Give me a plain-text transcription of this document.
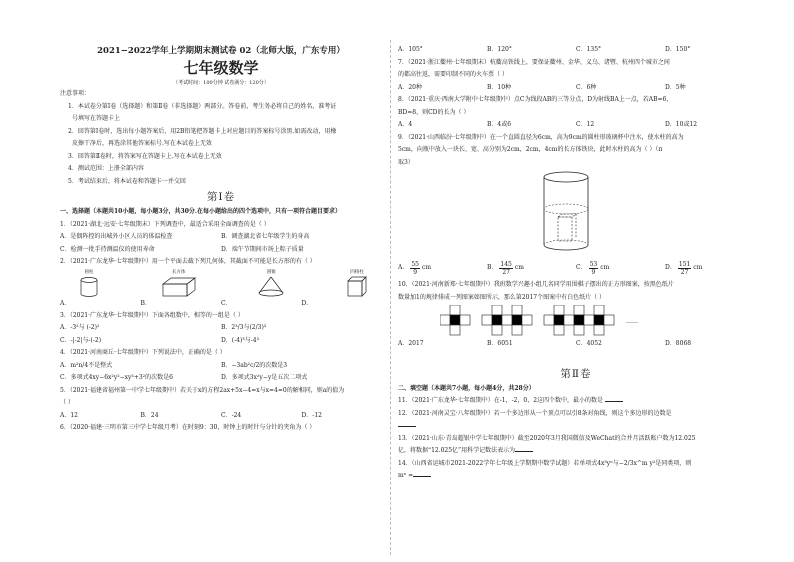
2021−2022学年上学期期末测试卷 02（北师大版，广东专用）
七年级数学
（考试时间：100分钟 试卷满分：120分）
注意事项：
1．本试卷分第Ⅰ卷（选择题）和第Ⅱ卷（非选择题）两部分。答卷前，考生务必将自己的姓名、准考证
号填写在答题卡上
2．回答第Ⅰ卷时，选出每小题答案后，用2B铅笔把答题卡上对应题目的答案标号涂黑.如需改动，用橡
皮擦干净后，再选涂其他答案标号.写在本试卷上无效
3．回答第Ⅱ卷时，将答案写在答题卡上.写在本试卷上无效
4．测试范围：上册全部内容
5．考试结束后，将本试卷和答题卡一并交回
第Ⅰ卷
一、选择题（本题共10小题，每小题3分，共30分.在每小题给出的四个选项中，只有一项符合题目要求）
1．（2021·湖北·远安·七年级期末）下列调查中，最适合采用全面调查的是（ ）
A．是偶阵控的出城外小区人员的体温检查	B．调查湖北省七年级学生的身高
C．检测一批手持测温仪的使用寿命	D．端午节期间市场上粽子质量
2．（2021·广东龙华·七年级期中）用一个平面去截下列几何体，其截面不可能是长方形的有（ ）
圆柱	长方体	圆锥	四棱柱
A．	B．	C．	D．
3．（2021·广东龙华·七年级期中）下面各组数中，相等的一组是（ ）
A．-3²与 (-2)²	B．2³/3与(2/3)³
C．-|-2|与-(-2)	D．(-4)³与-4³
4．（2021·河南商丘·七年级期中）下列说法中，正确的是（ ）
A．m²n/4不是整式	B．−3ab²c/2的次数是3
C．多项式4xy−6x²y²−xy³+3²的次数是6	D．多项式3x²y−y是五次二项式
5．（2021·福建省福州第一中学七年级期中）若关于x的方程2ax+5x−4=x与x=4=0的解相同，则a的值为
（ ）
A．12	B．24	C．-24	D．-12
6．（2020·福建·三明市第三中学七年级月考）在时刻9：30，时钟上的时针与分针的夹角为（ ）
A．105°	B．120°	C．135°	D．150°
7．（2021·浙江衢州·七年级期末）杭衢高铁线上，要保证衢州、金华、义乌、诸暨、杭州四个城市之间
的都高往返，需要印制不同的火车票（ ）
A．20种	B．10种	C．6种	D．5种
8．（2021·重庆·西南大学附中七年级期中）点C为线段AB的三等分点，D为射线BA上一点，若AB=6，
BD=8，则CD的长为（ ）
A．4	B．4或6	C．12	D．10或12
9．（2021·山西临汾·七年级期中）在一个直圆直径为6cm，高为9cm的圆柱形玻璃杯中注水，使水柱的高为
5cm，向瓶中放入一块长、宽、高分别为2cm，2cm，4cm的长方体铁块，此时水柱的高为（ ）（π
取3）
A． $\frac{55}{9}$ cm	B． $\frac{145}{27}$ cm	C． $\frac{53}{9}$ cm	D． $\frac{151}{27}$ cm
10．（2021·河南新郑·七年级期中）我班数学兴趣小组几名同学用围棋子摆出的正方形图案，按黑色纸片
数量加1的规律排成一列图案如图所示，那么第2017个图案中有白色纸片（ ）
……
A．2017	B．6051	C．4052	D．8068
第Ⅱ卷
二、填空题（本题共7小题，每小题4分，共28分）
11．（2021·广东龙华·七年级期中）在-1，-2，0，2这四个数中，最小的数是
12．（2021·河南灵宝·八年级期中）若一个多边形从一个顶点可以引8条对角线，则这个多边形的边数是
13．（2021·山东·青岛超银中学七年级期中）截至2020年3月我国微信及WeChat的合并月活跃账户数为12.025
亿，将数据“12.025亿”用科学记数法表示为
14．（山西省运城市2021-2022学年七年级上学期期中数学试题）若单项式4x³yⁿ与−2/3x^m y²是同类项，则
mⁿ =
